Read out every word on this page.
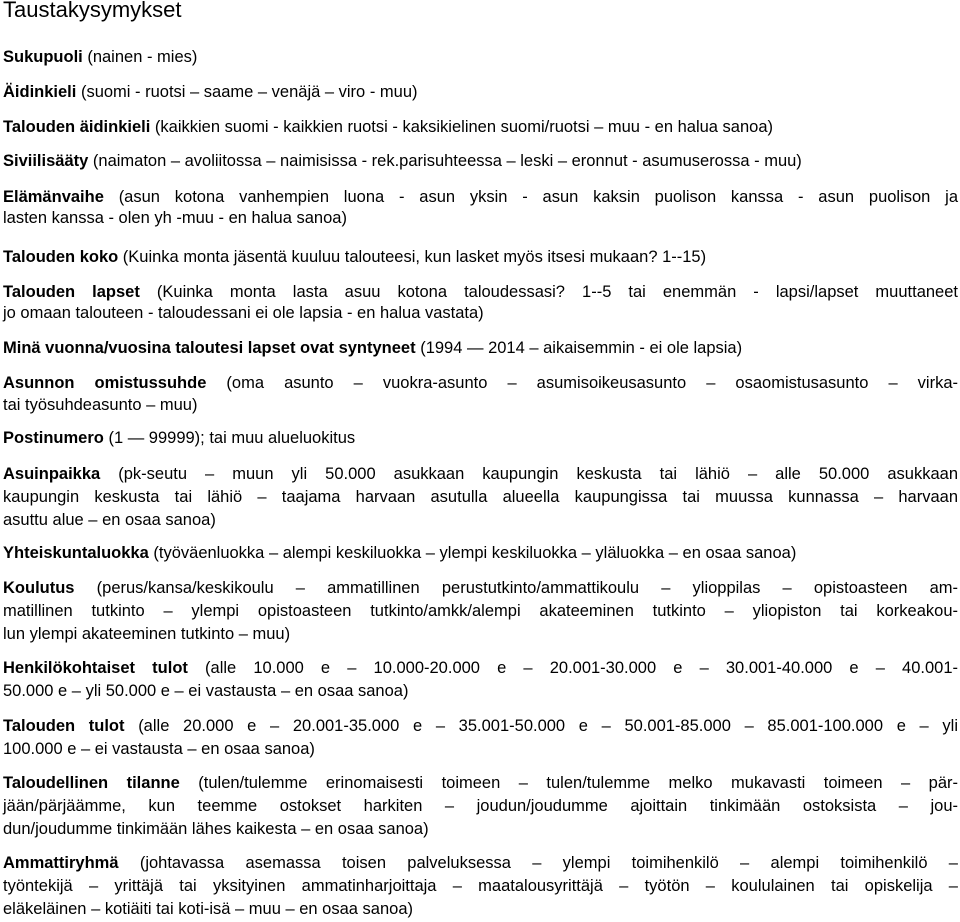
Taustakysymykset
Sukupuoli (nainen - mies)
Äidinkieli (suomi - ruotsi – saame – venäjä – viro - muu)
Talouden äidinkieli (kaikkien suomi - kaikkien ruotsi - kaksikielinen suomi/ruotsi – muu - en halua sanoa)
Siviilisääty (naimaton – avoliitossa – naimisissa - rek.parisuhteessa – leski – eronnut - asumuserossa - muu)
Elämänvaihe (asun kotona vanhempien luona - asun yksin - asun kaksin puolison kanssa - asun puolison ja
lasten kanssa - olen yh -muu - en halua sanoa)
Talouden koko (Kuinka monta jäsentä kuuluu talouteesi, kun lasket myös itsesi mukaan? 1--15)
Talouden lapset (Kuinka monta lasta asuu kotona taloudessasi? 1--5 tai enemmän - lapsi/lapset muuttaneet
jo omaan talouteen - taloudessani ei ole lapsia - en halua vastata)
Minä vuonna/vuosina taloutesi lapset ovat syntyneet (1994 — 2014 – aikaisemmin - ei ole lapsia)
Asunnon omistussuhde (oma asunto – vuokra-asunto – asumisoikeusasunto – osaomistusasunto – virka-
tai työsuhdeasunto – muu)
Postinumero (1 — 99999); tai muu alueluokitus
Asuinpaikka (pk-seutu – muun yli 50.000 asukkaan kaupungin keskusta tai lähiö – alle 50.000 asukkaan
kaupungin keskusta tai lähiö – taajama harvaan asutulla alueella kaupungissa tai muussa kunnassa – harvaan
asuttu alue – en osaa sanoa)
Yhteiskuntaluokka (työväenluokka – alempi keskiluokka – ylempi keskiluokka – yläluokka – en osaa sanoa)
Koulutus (perus/kansa/keskikoulu – ammatillinen perustutkinto/ammattikoulu – ylioppilas – opistoasteen am-
matillinen tutkinto – ylempi opistoasteen tutkinto/amkk/alempi akateeminen tutkinto – yliopiston tai korkeakou-
lun ylempi akateeminen tutkinto – muu)
Henkilökohtaiset tulot (alle 10.000 e – 10.000-20.000 e – 20.001-30.000 e – 30.001-40.000 e – 40.001-
50.000 e – yli 50.000 e – ei vastausta – en osaa sanoa)
Talouden tulot (alle 20.000 e – 20.001-35.000 e – 35.001-50.000 e – 50.001-85.000 – 85.001-100.000 e – yli
100.000 e – ei vastausta – en osaa sanoa)
Taloudellinen tilanne (tulen/tulemme erinomaisesti toimeen – tulen/tulemme melko mukavasti toimeen – pär-
jään/pärjäämme, kun teemme ostokset harkiten – joudun/joudumme ajoittain tinkimään ostoksista – jou-
dun/joudumme tinkimään lähes kaikesta – en osaa sanoa)
Ammattiryhmä (johtavassa asemassa toisen palveluksessa – ylempi toimihenkilö – alempi toimihenkilö –
työntekijä – yrittäjä tai yksityinen ammatinharjoittaja – maatalousyrittäjä – työtön – koululainen tai opiskelija –
eläkeläinen – kotiäiti tai koti-isä – muu – en osaa sanoa)
